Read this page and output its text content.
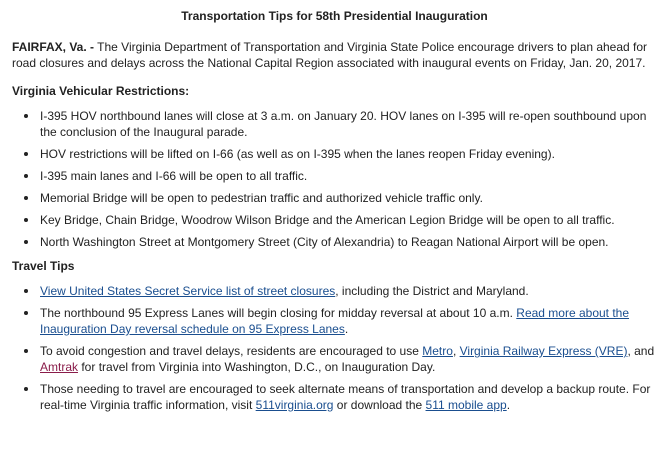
Transportation Tips for 58th Presidential Inauguration

FAIRFAX, Va. - The Virginia Department of Transportation and Virginia State Police encourage drivers to plan ahead for road closures and delays across the National Capital Region associated with inaugural events on Friday, Jan. 20, 2017.

Virginia Vehicular Restrictions:
I-395 HOV northbound lanes will close at 3 a.m. on January 20. HOV lanes on I-395 will re-open southbound upon the conclusion of the Inaugural parade.
HOV restrictions will be lifted on I-66 (as well as on I-395 when the lanes reopen Friday evening).
I-395 main lanes and I-66 will be open to all traffic.
Memorial Bridge will be open to pedestrian traffic and authorized vehicle traffic only.
Key Bridge, Chain Bridge, Woodrow Wilson Bridge and the American Legion Bridge will be open to all traffic.
North Washington Street at Montgomery Street (City of Alexandria) to Reagan National Airport will be open.
Travel Tips
View United States Secret Service list of street closures, including the District and Maryland.
The northbound 95 Express Lanes will begin closing for midday reversal at about 10 a.m. Read more about the Inauguration Day reversal schedule on 95 Express Lanes.
To avoid congestion and travel delays, residents are encouraged to use Metro, Virginia Railway Express (VRE), and Amtrak for travel from Virginia into Washington, D.C., on Inauguration Day.
Those needing to travel are encouraged to seek alternate means of transportation and develop a backup route. For real-time Virginia traffic information, visit 511virginia.org or download the 511 mobile app.
